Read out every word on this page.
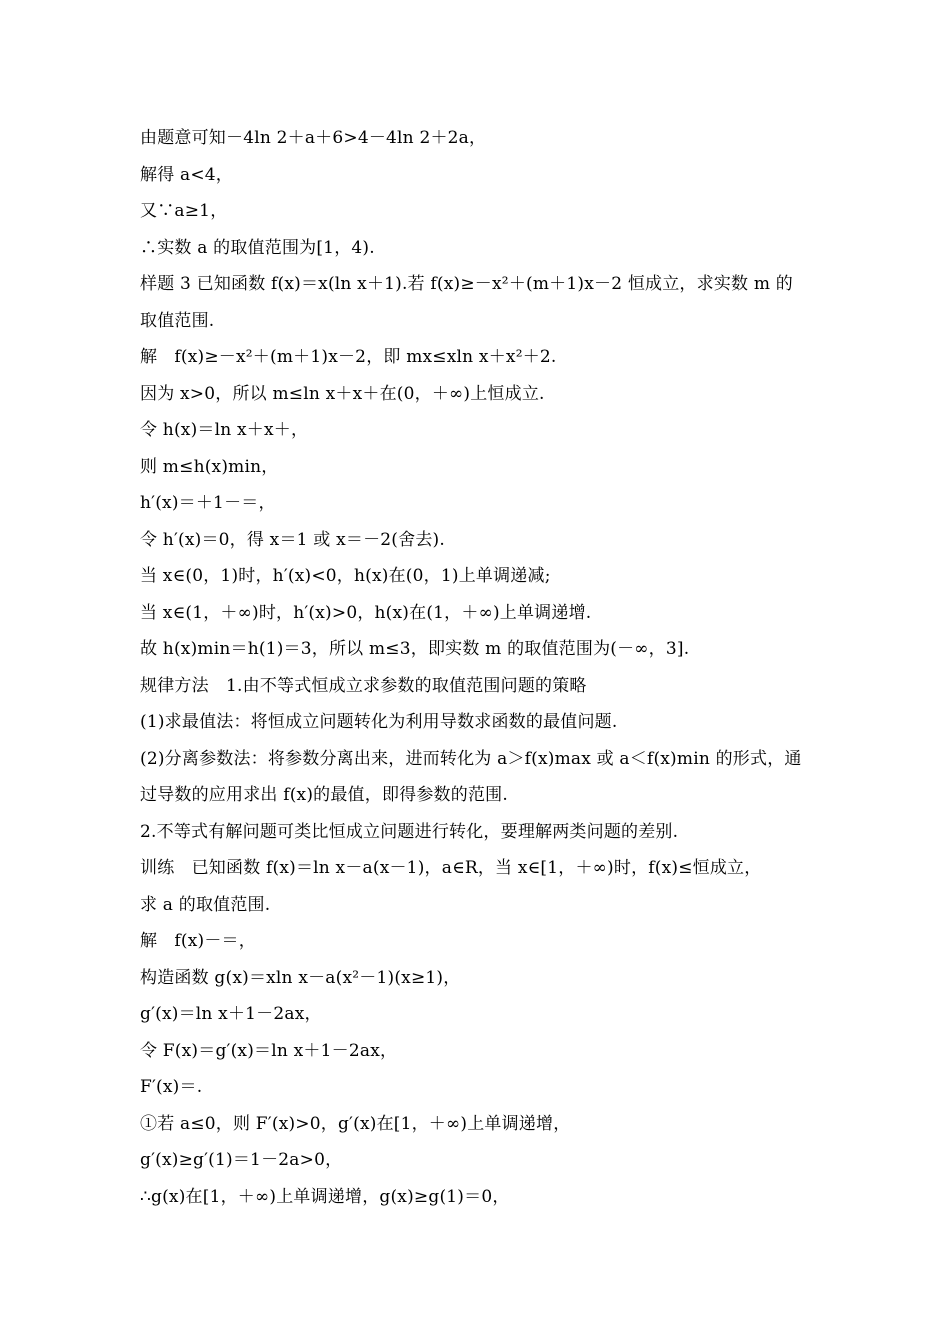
由题意可知－4ln 2＋a＋6>4－4ln 2＋2a，
解得 a<4，
又∵a≥1，
∴实数 a 的取值范围为[1，4).
样题 3 已知函数 f(x)＝x(ln x＋1).若 f(x)≥－x²＋(m＋1)x－2 恒成立，求实数 m 的
取值范围.
解　f(x)≥－x²＋(m＋1)x－2，即 mx≤xln x＋x²＋2.
因为 x>0，所以 m≤ln x＋x＋在(0，＋∞)上恒成立.
令 h(x)＝ln x＋x＋，
则 m≤h(x)min，
h′(x)＝＋1－＝，
令 h′(x)＝0，得 x＝1 或 x＝－2(舍去).
当 x∈(0，1)时，h′(x)<0，h(x)在(0，1)上单调递减;
当 x∈(1，＋∞)时，h′(x)>0，h(x)在(1，＋∞)上单调递增.
故 h(x)min＝h(1)＝3，所以 m≤3，即实数 m 的取值范围为(－∞，3].
规律方法　1.由不等式恒成立求参数的取值范围问题的策略
(1)求最值法：将恒成立问题转化为利用导数求函数的最值问题.
(2)分离参数法：将参数分离出来，进而转化为 a＞f(x)max 或 a＜f(x)min 的形式，通
过导数的应用求出 f(x)的最值，即得参数的范围.
2.不等式有解问题可类比恒成立问题进行转化，要理解两类问题的差别.
训练　已知函数 f(x)＝ln x－a(x－1)，a∈R，当 x∈[1，＋∞)时，f(x)≤恒成立，
求 a 的取值范围.
解　f(x)－＝，
构造函数 g(x)＝xln x－a(x²－1)(x≥1)，
g′(x)＝ln x＋1－2ax，
令 F(x)＝g′(x)＝ln x＋1－2ax，
F′(x)＝.
①若 a≤0，则 F′(x)>0，g′(x)在[1，＋∞)上单调递增，
g′(x)≥g′(1)＝1－2a>0，
∴g(x)在[1，＋∞)上单调递增，g(x)≥g(1)＝0，
